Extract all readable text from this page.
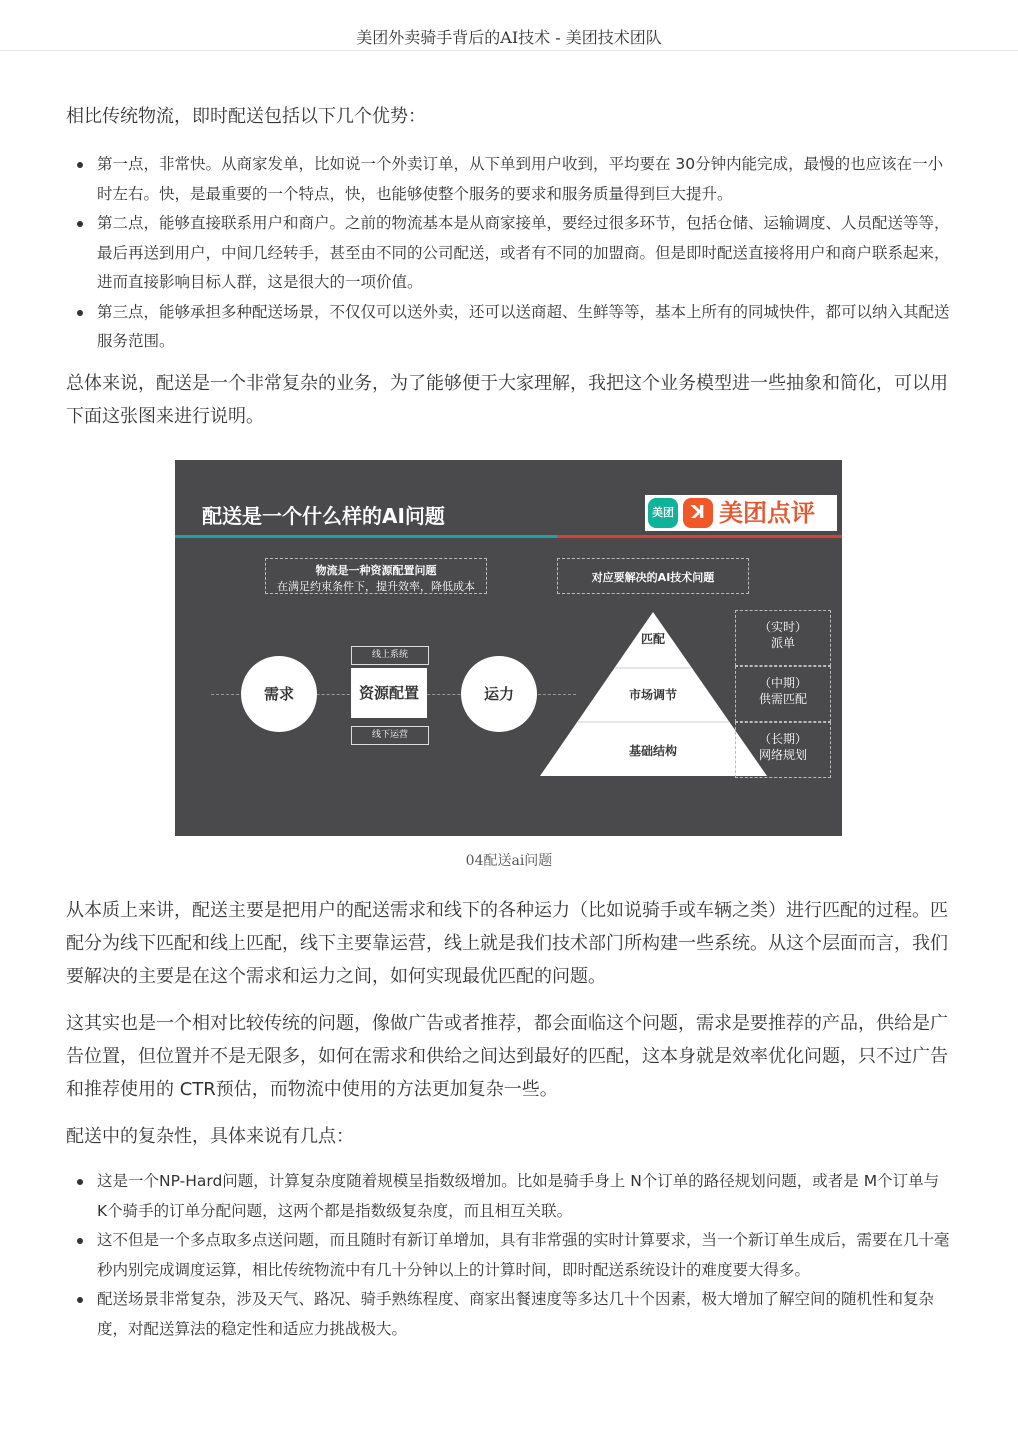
美团外卖骑手背后的AI技术 - 美团技术团队

相比传统物流，即时配送包括以下几个优势：

第一点，非常快。从商家发单，比如说一个外卖订单，从下单到用户收到，平均要在 30分钟内能完成，最慢的也应该在一小时左右。快，是最重要的一个特点，快，也能够使整个服务的要求和服务质量得到巨大提升。
第二点，能够直接联系用户和商户。之前的物流基本是从商家接单，要经过很多环节，包括仓储、运输调度、人员配送等等，最后再送到用户，中间几经转手，甚至由不同的公司配送，或者有不同的加盟商。但是即时配送直接将用户和商户联系起来，进而直接影响目标人群，这是很大的一项价值。
第三点，能够承担多种配送场景，不仅仅可以送外卖，还可以送商超、生鲜等等，基本上所有的同城快件，都可以纳入其配送服务范围。

总体来说，配送是一个非常复杂的业务，为了能够便于大家理解，我把这个业务模型进一些抽象和简化，可以用下面这张图来进行说明。

配送是一个什么样的AI问题	美团 ꓘ 美团点评
物流是一种资源配置问题
在满足约束条件下，提升效率，降低成本
对应要解决的AI技术问题
需求
线上系统
资源配置
线下运营
运力
匹配
市场调节
基础结构
（实时）
派单
（中期）
供需匹配
（长期）
网络规划
04配送ai问题

从本质上来讲，配送主要是把用户的配送需求和线下的各种运力（比如说骑手或车辆之类）进行匹配的过程。匹配分为线下匹配和线上匹配，线下主要靠运营，线上就是我们技术部门所构建一些系统。从这个层面而言，我们要解决的主要是在这个需求和运力之间，如何实现最优匹配的问题。

这其实也是一个相对比较传统的问题，像做广告或者推荐，都会面临这个问题，需求是要推荐的产品，供给是广告位置，但位置并不是无限多，如何在需求和供给之间达到最好的匹配，这本身就是效率优化问题，只不过广告和推荐使用的 CTR预估，而物流中使用的方法更加复杂一些。

配送中的复杂性，具体来说有几点：

这是一个NP-Hard问题，计算复杂度随着规模呈指数级增加。比如是骑手身上 N个订单的路径规划问题，或者是 M个订单与 K个骑手的订单分配问题，这两个都是指数级复杂度，而且相互关联。
这不但是一个多点取多点送问题，而且随时有新订单增加，具有非常强的实时计算要求，当一个新订单生成后，需要在几十毫秒内别完成调度运算，相比传统物流中有几十分钟以上的计算时间，即时配送系统设计的难度要大得多。
配送场景非常复杂，涉及天气、路况、骑手熟练程度、商家出餐速度等多达几十个因素，极大增加了解空间的随机性和复杂度，对配送算法的稳定性和适应力挑战极大。
